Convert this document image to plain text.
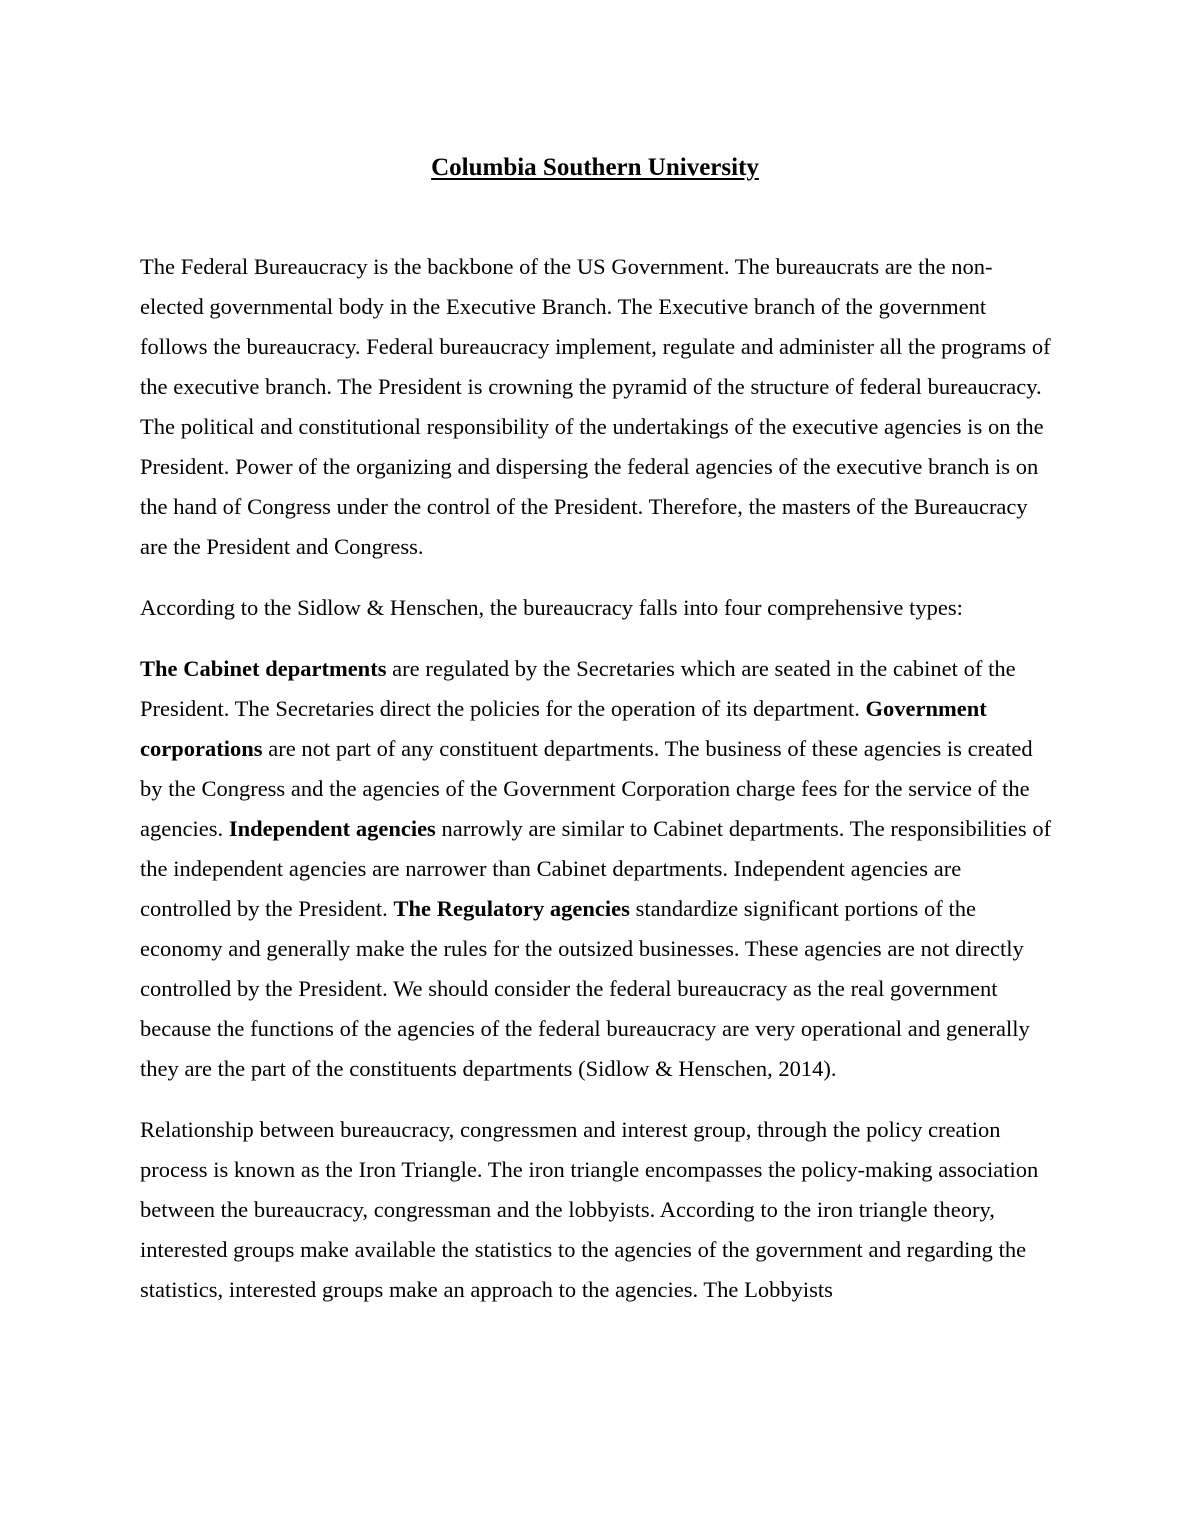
Columbia Southern University

The Federal Bureaucracy is the backbone of the US Government. The bureaucrats are the non-elected governmental body in the Executive Branch. The Executive branch of the government follows the bureaucracy. Federal bureaucracy implement, regulate and administer all the programs of the executive branch. The President is crowning the pyramid of the structure of federal bureaucracy. The political and constitutional responsibility of the undertakings of the executive agencies is on the President. Power of the organizing and dispersing the federal agencies of the executive branch is on the hand of Congress under the control of the President. Therefore, the masters of the Bureaucracy are the President and Congress.

According to the Sidlow & Henschen, the bureaucracy falls into four comprehensive types:

The Cabinet departments are regulated by the Secretaries which are seated in the cabinet of the President. The Secretaries direct the policies for the operation of its department. Government corporations are not part of any constituent departments. The business of these agencies is created by the Congress and the agencies of the Government Corporation charge fees for the service of the agencies. Independent agencies narrowly are similar to Cabinet departments. The responsibilities of the independent agencies are narrower than Cabinet departments. Independent agencies are controlled by the President. The Regulatory agencies standardize significant portions of the economy and generally make the rules for the outsized businesses. These agencies are not directly controlled by the President. We should consider the federal bureaucracy as the real government because the functions of the agencies of the federal bureaucracy are very operational and generally they are the part of the constituents departments (Sidlow & Henschen, 2014).

Relationship between bureaucracy, congressmen and interest group, through the policy creation process is known as the Iron Triangle. The iron triangle encompasses the policy-making association between the bureaucracy, congressman and the lobbyists. According to the iron triangle theory, interested groups make available the statistics to the agencies of the government and regarding the statistics, interested groups make an approach to the agencies. The Lobbyists
